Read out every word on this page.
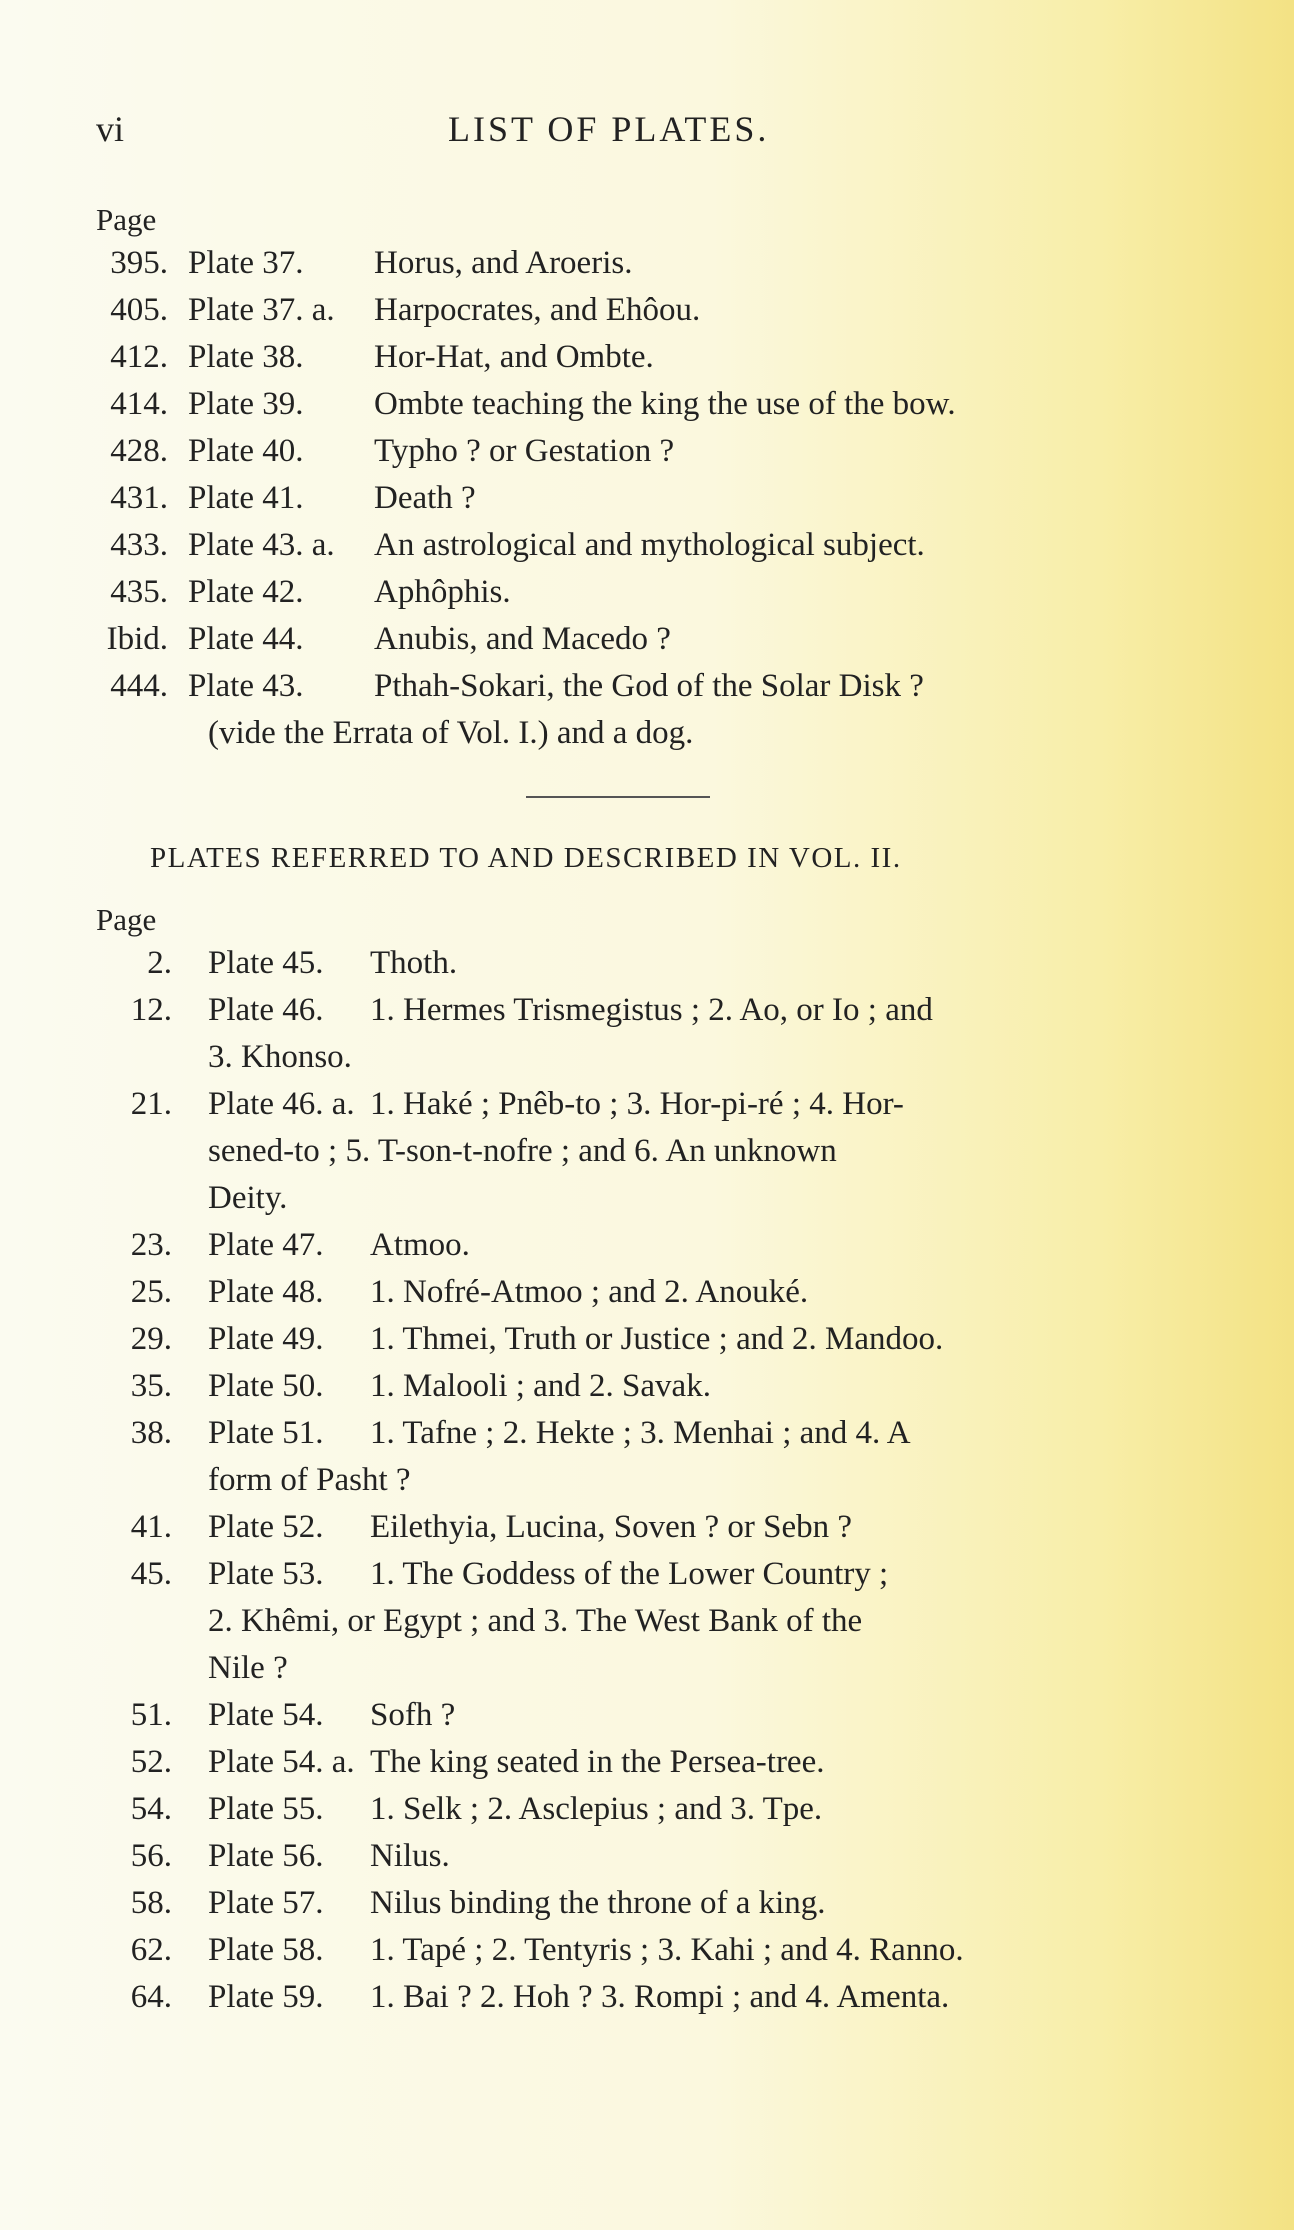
vi	LIST OF PLATES.
Page
395. Plate 37. Horus, and Aroeris.
405. Plate 37. a. Harpocrates, and Ehôou.
412. Plate 38. Hor-Hat, and Ombte.
414. Plate 39. Ombte teaching the king the use of the bow.
428. Plate 40. Typho ? or Gestation ?
431. Plate 41. Death ?
433. Plate 43. a. An astrological and mythological subject.
435. Plate 42. Aphôphis.
Ibid. Plate 44. Anubis, and Macedo ?
444. Plate 43. Pthah-Sokari, the God of the Solar Disk ?
(vide the Errata of Vol. I.) and a dog.
PLATES REFERRED TO AND DESCRIBED IN VOL. II.
Page
2. Plate 45. Thoth.
12. Plate 46. 1. Hermes Trismegistus ; 2. Ao, or Io ; and
3. Khonso.
21. Plate 46. a. 1. Haké ; Pnêb-to ; 3. Hor-pi-ré ; 4. Hor-
sened-to ; 5. T-son-t-nofre ; and 6. An unknown
Deity.
23. Plate 47. Atmoo.
25. Plate 48. 1. Nofré-Atmoo ; and 2. Anouké.
29. Plate 49. 1. Thmei, Truth or Justice ; and 2. Mandoo.
35. Plate 50. 1. Malooli ; and 2. Savak.
38. Plate 51. 1. Tafne ; 2. Hekte ; 3. Menhai ; and 4. A
form of Pasht ?
41. Plate 52. Eilethyia, Lucina, Soven ? or Sebn ?
45. Plate 53. 1. The Goddess of the Lower Country ;
2. Khêmi, or Egypt ; and 3. The West Bank of the
Nile ?
51. Plate 54. Sofh ?
52. Plate 54. a. The king seated in the Persea-tree.
54. Plate 55. 1. Selk ; 2. Asclepius ; and 3. Tpe.
56. Plate 56. Nilus.
58. Plate 57. Nilus binding the throne of a king.
62. Plate 58. 1. Tapé ; 2. Tentyris ; 3. Kahi ; and 4. Ranno.
64. Plate 59. 1. Bai ? 2. Hoh ? 3. Rompi ; and 4. Amenta.
